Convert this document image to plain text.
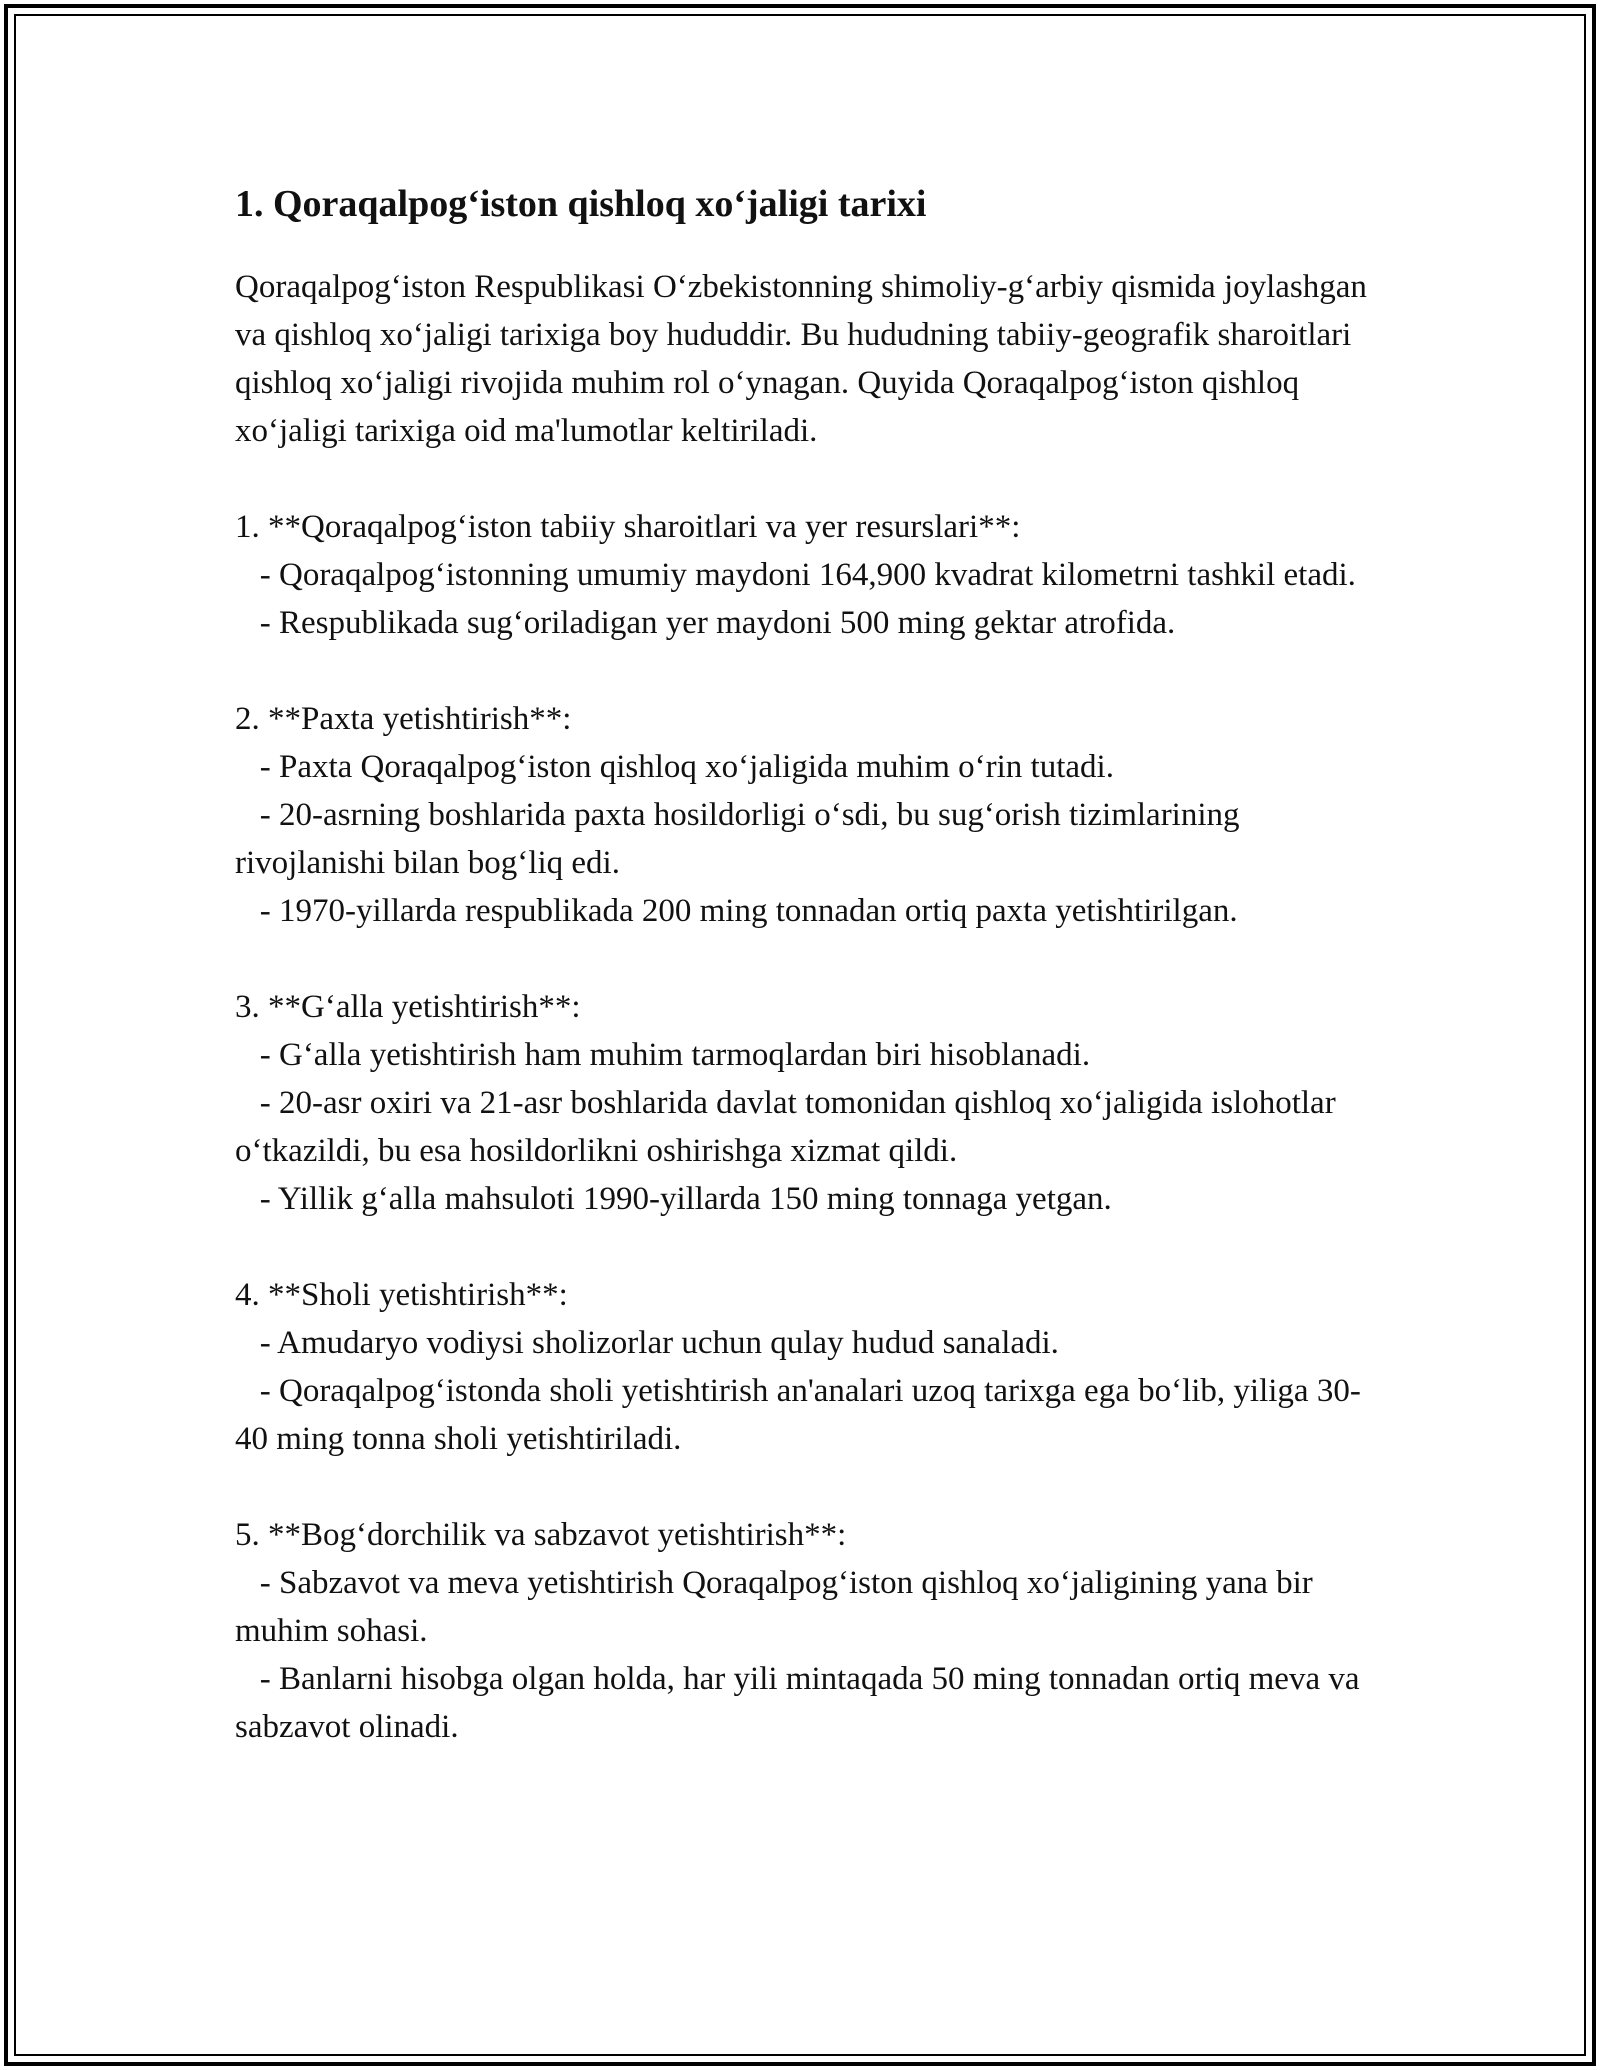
1. Qoraqalpog‘iston qishloq xo‘jaligi tarixi

Qoraqalpog‘iston Respublikasi O‘zbekistonning shimoliy-g‘arbiy qismida joylashgan va qishloq xo‘jaligi tarixiga boy hududdir. Bu hududning tabiiy-geografik sharoitlari qishloq xo‘jaligi rivojida muhim rol o‘ynagan. Quyida Qoraqalpog‘iston qishloq xo‘jaligi tarixiga oid ma'lumotlar keltiriladi.

1. **Qoraqalpog‘iston tabiiy sharoitlari va yer resurslari**:

- Qoraqalpog‘istonning umumiy maydoni 164,900 kvadrat kilometrni tashkil etadi.

- Respublikada sug‘oriladigan yer maydoni 500 ming gektar atrofida.

2. **Paxta yetishtirish**:

- Paxta Qoraqalpog‘iston qishloq xo‘jaligida muhim o‘rin tutadi.

- 20-asrning boshlarida paxta hosildorligi o‘sdi, bu sug‘orish tizimlarining rivojlanishi bilan bog‘liq edi.

- 1970-yillarda respublikada 200 ming tonnadan ortiq paxta yetishtirilgan.

3. **G‘alla yetishtirish**:

- G‘alla yetishtirish ham muhim tarmoqlardan biri hisoblanadi.

- 20-asr oxiri va 21-asr boshlarida davlat tomonidan qishloq xo‘jaligida islohotlar o‘tkazildi, bu esa hosildorlikni oshirishga xizmat qildi.

- Yillik g‘alla mahsuloti 1990-yillarda 150 ming tonnaga yetgan.

4. **Sholi yetishtirish**:

- Amudaryo vodiysi sholizorlar uchun qulay hudud sanaladi.

- Qoraqalpog‘istonda sholi yetishtirish an'analari uzoq tarixga ega bo‘lib, yiliga 30-40 ming tonna sholi yetishtiriladi.

5. **Bog‘dorchilik va sabzavot yetishtirish**:

- Sabzavot va meva yetishtirish Qoraqalpog‘iston qishloq xo‘jaligining yana bir muhim sohasi.

- Banlarni hisobga olgan holda, har yili mintaqada 50 ming tonnadan ortiq meva va sabzavot olinadi.
